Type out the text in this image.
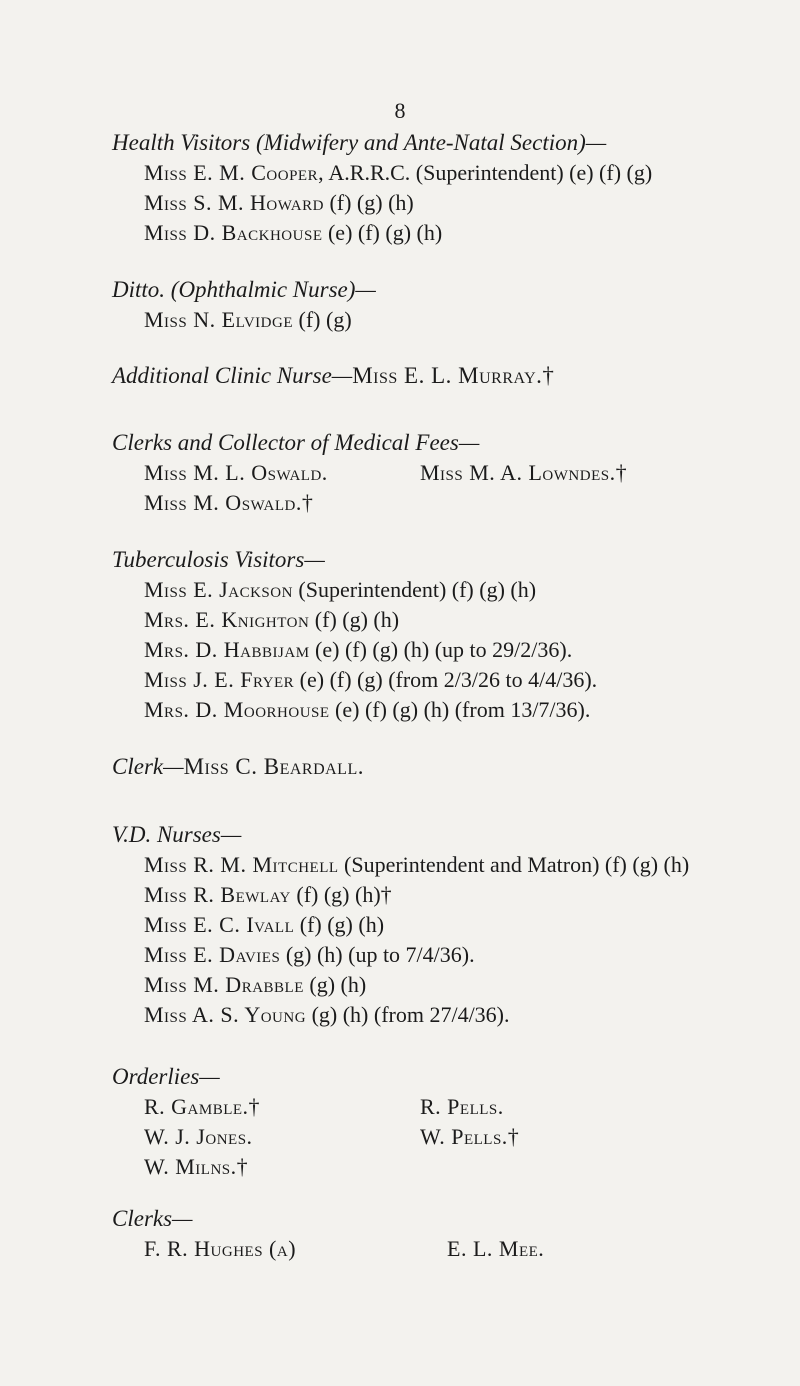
8
Health Visitors (Midwifery and Ante-Natal Section)—
Miss E. M. Cooper, A.R.R.C. (Superintendent) (e) (f) (g)
Miss S. M. Howard (f) (g) (h)
Miss D. Backhouse (e) (f) (g) (h)
Ditto. (Ophthalmic Nurse)—
Miss N. Elvidge (f) (g)
Additional Clinic Nurse—Miss E. L. Murray.†
Clerks and Collector of Medical Fees—
Miss M. L. Oswald.	Miss M. A. Lowndes.†
Miss M. Oswald.†
Tuberculosis Visitors—
Miss E. Jackson (Superintendent) (f) (g) (h)
Mrs. E. Knighton (f) (g) (h)
Mrs. D. Habbijam (e) (f) (g) (h) (up to 29/2/36).
Miss J. E. Fryer (e) (f) (g) (from 2/3/26 to 4/4/36).
Mrs. D. Moorhouse (e) (f) (g) (h) (from 13/7/36).
Clerk—Miss C. Beardall.
V.D. Nurses—
Miss R. M. Mitchell (Superintendent and Matron) (f) (g) (h)
Miss R. Bewlay (f) (g) (h)†
Miss E. C. Ivall (f) (g) (h)
Miss E. Davies (g) (h) (up to 7/4/36).
Miss M. Drabble (g) (h)
Miss A. S. Young (g) (h) (from 27/4/36).
Orderlies—
R. Gamble.†	R. Pells.
W. J. Jones.	W. Pells.†
W. Milns.†
Clerks—
F. R. Hughes (a)	E. L. Mee.
